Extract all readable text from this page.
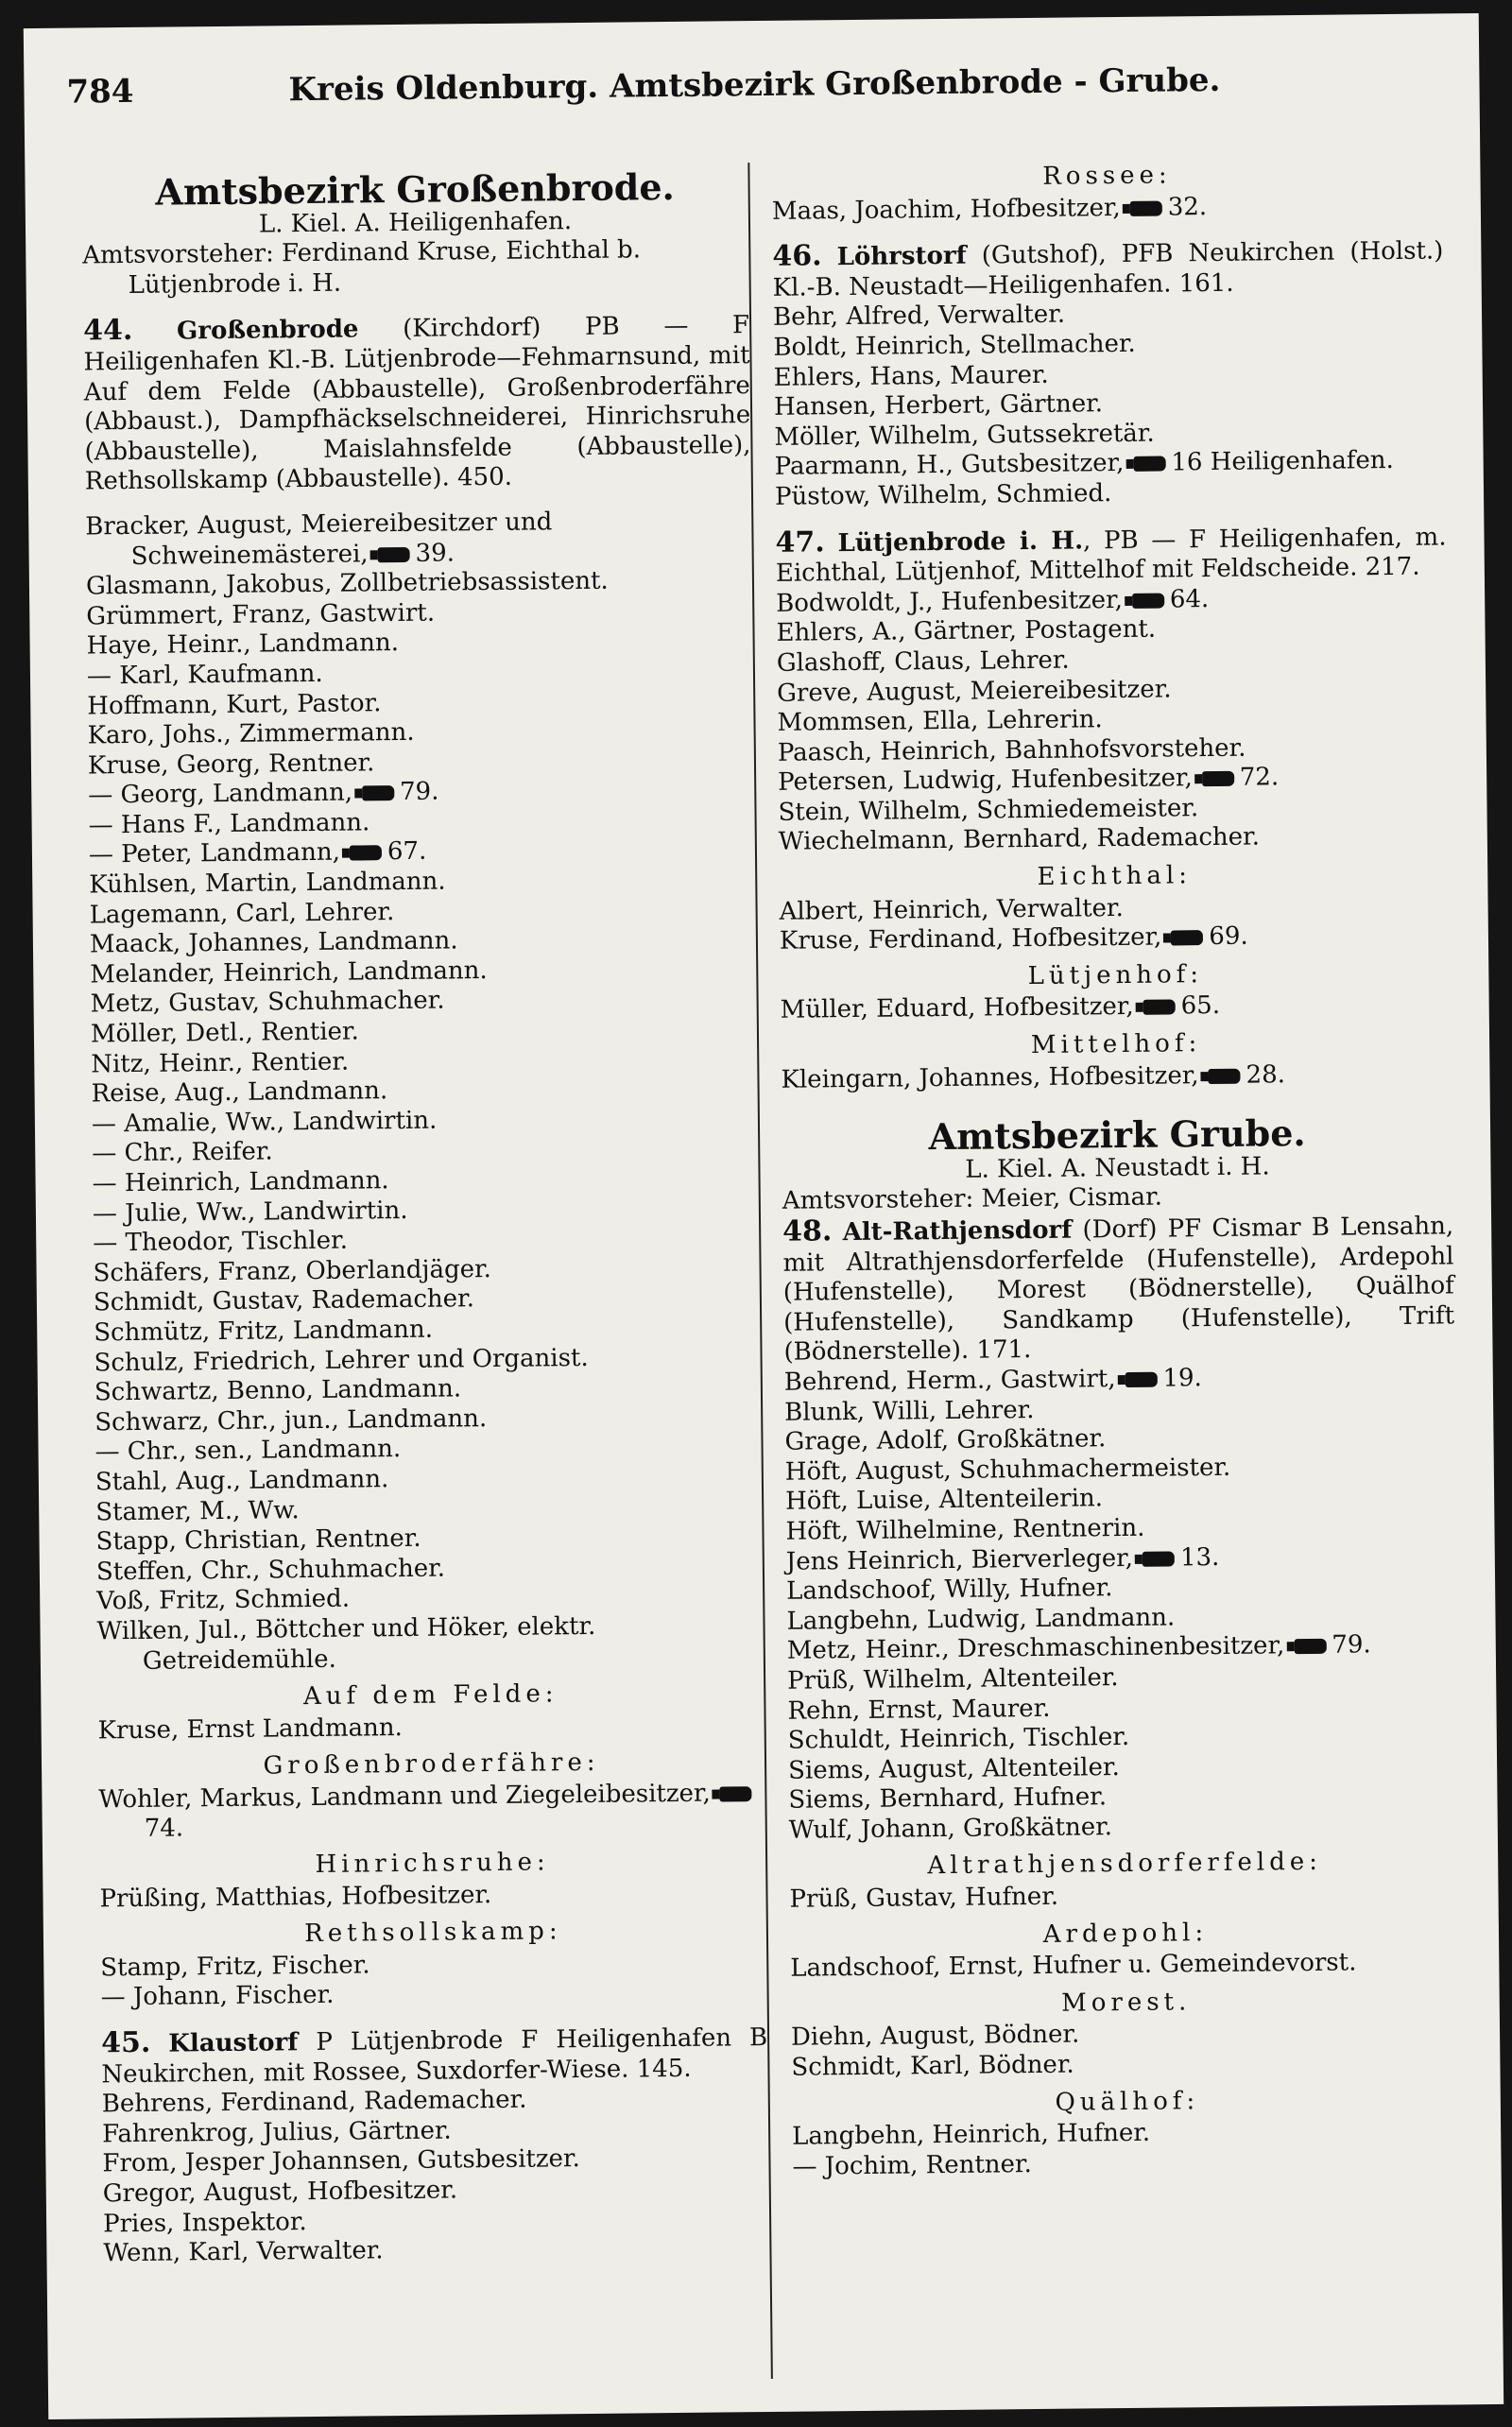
784	Kreis Oldenburg. Amtsbezirk Großenbrode - Grube.

Amtsbezirk Großenbrode.

L. Kiel. A. Heiligenhafen.

Amtsvorsteher: Ferdinand Kruse, Eichthal b. Lütjenbrode i. H.

44. Großenbrode (Kirchdorf) PB — F Heiligenhafen Kl.-B. Lütjenbrode—Fehmarnsund, mit Auf dem Felde (Abbaustelle), Großenbroderfähre (Abbaust.), Dampfhäckselschneiderei, Hinrichsruhe (Abbaustelle), Maislahnsfelde (Abbaustelle), Rethsollskamp (Abbaustelle). 450.

Bracker, August, Meiereibesitzer und Schweinemästerei, 39.

Glasmann, Jakobus, Zollbetriebsassistent.

Grümmert, Franz, Gastwirt.

Haye, Heinr., Landmann.

— Karl, Kaufmann.

Hoffmann, Kurt, Pastor.

Karo, Johs., Zimmermann.

Kruse, Georg, Rentner.

— Georg, Landmann, 79.

— Hans F., Landmann.

— Peter, Landmann, 67.

Kühlsen, Martin, Landmann.

Lagemann, Carl, Lehrer.

Maack, Johannes, Landmann.

Melander, Heinrich, Landmann.

Metz, Gustav, Schuhmacher.

Möller, Detl., Rentier.

Nitz, Heinr., Rentier.

Reise, Aug., Landmann.

— Amalie, Ww., Landwirtin.

— Chr., Reifer.

— Heinrich, Landmann.

— Julie, Ww., Landwirtin.

— Theodor, Tischler.

Schäfers, Franz, Oberlandjäger.

Schmidt, Gustav, Rademacher.

Schmütz, Fritz, Landmann.

Schulz, Friedrich, Lehrer und Organist.

Schwartz, Benno, Landmann.

Schwarz, Chr., jun., Landmann.

— Chr., sen., Landmann.

Stahl, Aug., Landmann.

Stamer, M., Ww.

Stapp, Christian, Rentner.

Steffen, Chr., Schuhmacher.

Voß, Fritz, Schmied.

Wilken, Jul., Böttcher und Höker, elektr. Getreidemühle.

Auf dem Felde:

Kruse, Ernst Landmann.

Großenbroderfähre:

Wohler, Markus, Landmann und Ziegeleibesitzer,74.

Hinrichsruhe:

Prüßing, Matthias, Hofbesitzer.

Rethsollskamp:

Stamp, Fritz, Fischer.

— Johann, Fischer.

45. Klaustorf P Lütjenbrode F Heiligenhafen B Neukirchen, mit Rossee, Suxdorfer-Wiese. 145.

Behrens, Ferdinand, Rademacher.

Fahrenkrog, Julius, Gärtner.

From, Jesper Johannsen, Gutsbesitzer.

Gregor, August, Hofbesitzer.

Pries, Inspektor.

Wenn, Karl, Verwalter.

Rossee:

Maas, Joachim, Hofbesitzer, 32.

46. Löhrstorf (Gutshof), PFB Neukirchen (Holst.) Kl.-B. Neustadt—Heiligenhafen. 161.

Behr, Alfred, Verwalter.

Boldt, Heinrich, Stellmacher.

Ehlers, Hans, Maurer.

Hansen, Herbert, Gärtner.

Möller, Wilhelm, Gutssekretär.

Paarmann, H., Gutsbesitzer, 16 Heiligenhafen.

Püstow, Wilhelm, Schmied.

47. Lütjenbrode i. H., PB — F Heiligenhafen, m. Eichthal, Lütjenhof, Mittelhof mit Feldscheide. 217.

Bodwoldt, J., Hufenbesitzer, 64.

Ehlers, A., Gärtner, Postagent.

Glashoff, Claus, Lehrer.

Greve, August, Meiereibesitzer.

Mommsen, Ella, Lehrerin.

Paasch, Heinrich, Bahnhofsvorsteher.

Petersen, Ludwig, Hufenbesitzer, 72.

Stein, Wilhelm, Schmiedemeister.

Wiechelmann, Bernhard, Rademacher.

Eichthal:

Albert, Heinrich, Verwalter.

Kruse, Ferdinand, Hofbesitzer, 69.

Lütjenhof:

Müller, Eduard, Hofbesitzer, 65.

Mittelhof:

Kleingarn, Johannes, Hofbesitzer, 28.

Amtsbezirk Grube.

L. Kiel. A. Neustadt i. H.

Amtsvorsteher: Meier, Cismar.

48. Alt-Rathjensdorf (Dorf) PF Cismar B Lensahn, mit Altrathjensdorferfelde (Hufenstelle), Ardepohl (Hufenstelle), Morest (Bödnerstelle), Quälhof (Hufenstelle), Sandkamp (Hufenstelle), Trift (Bödnerstelle). 171.

Behrend, Herm., Gastwirt, 19.

Blunk, Willi, Lehrer.

Grage, Adolf, Großkätner.

Höft, August, Schuhmachermeister.

Höft, Luise, Altenteilerin.

Höft, Wilhelmine, Rentnerin.

Jens Heinrich, Bierverleger, 13.

Landschoof, Willy, Hufner.

Langbehn, Ludwig, Landmann.

Metz, Heinr., Dreschmaschinenbesitzer, 79.

Prüß, Wilhelm, Altenteiler.

Rehn, Ernst, Maurer.

Schuldt, Heinrich, Tischler.

Siems, August, Altenteiler.

Siems, Bernhard, Hufner.

Wulf, Johann, Großkätner.

Altrathjensdorferfelde:

Prüß, Gustav, Hufner.

Ardepohl:

Landschoof, Ernst, Hufner u. Gemeindevorst.

Morest.

Diehn, August, Bödner.

Schmidt, Karl, Bödner.

Quälhof:

Langbehn, Heinrich, Hufner.

— Jochim, Rentner.
